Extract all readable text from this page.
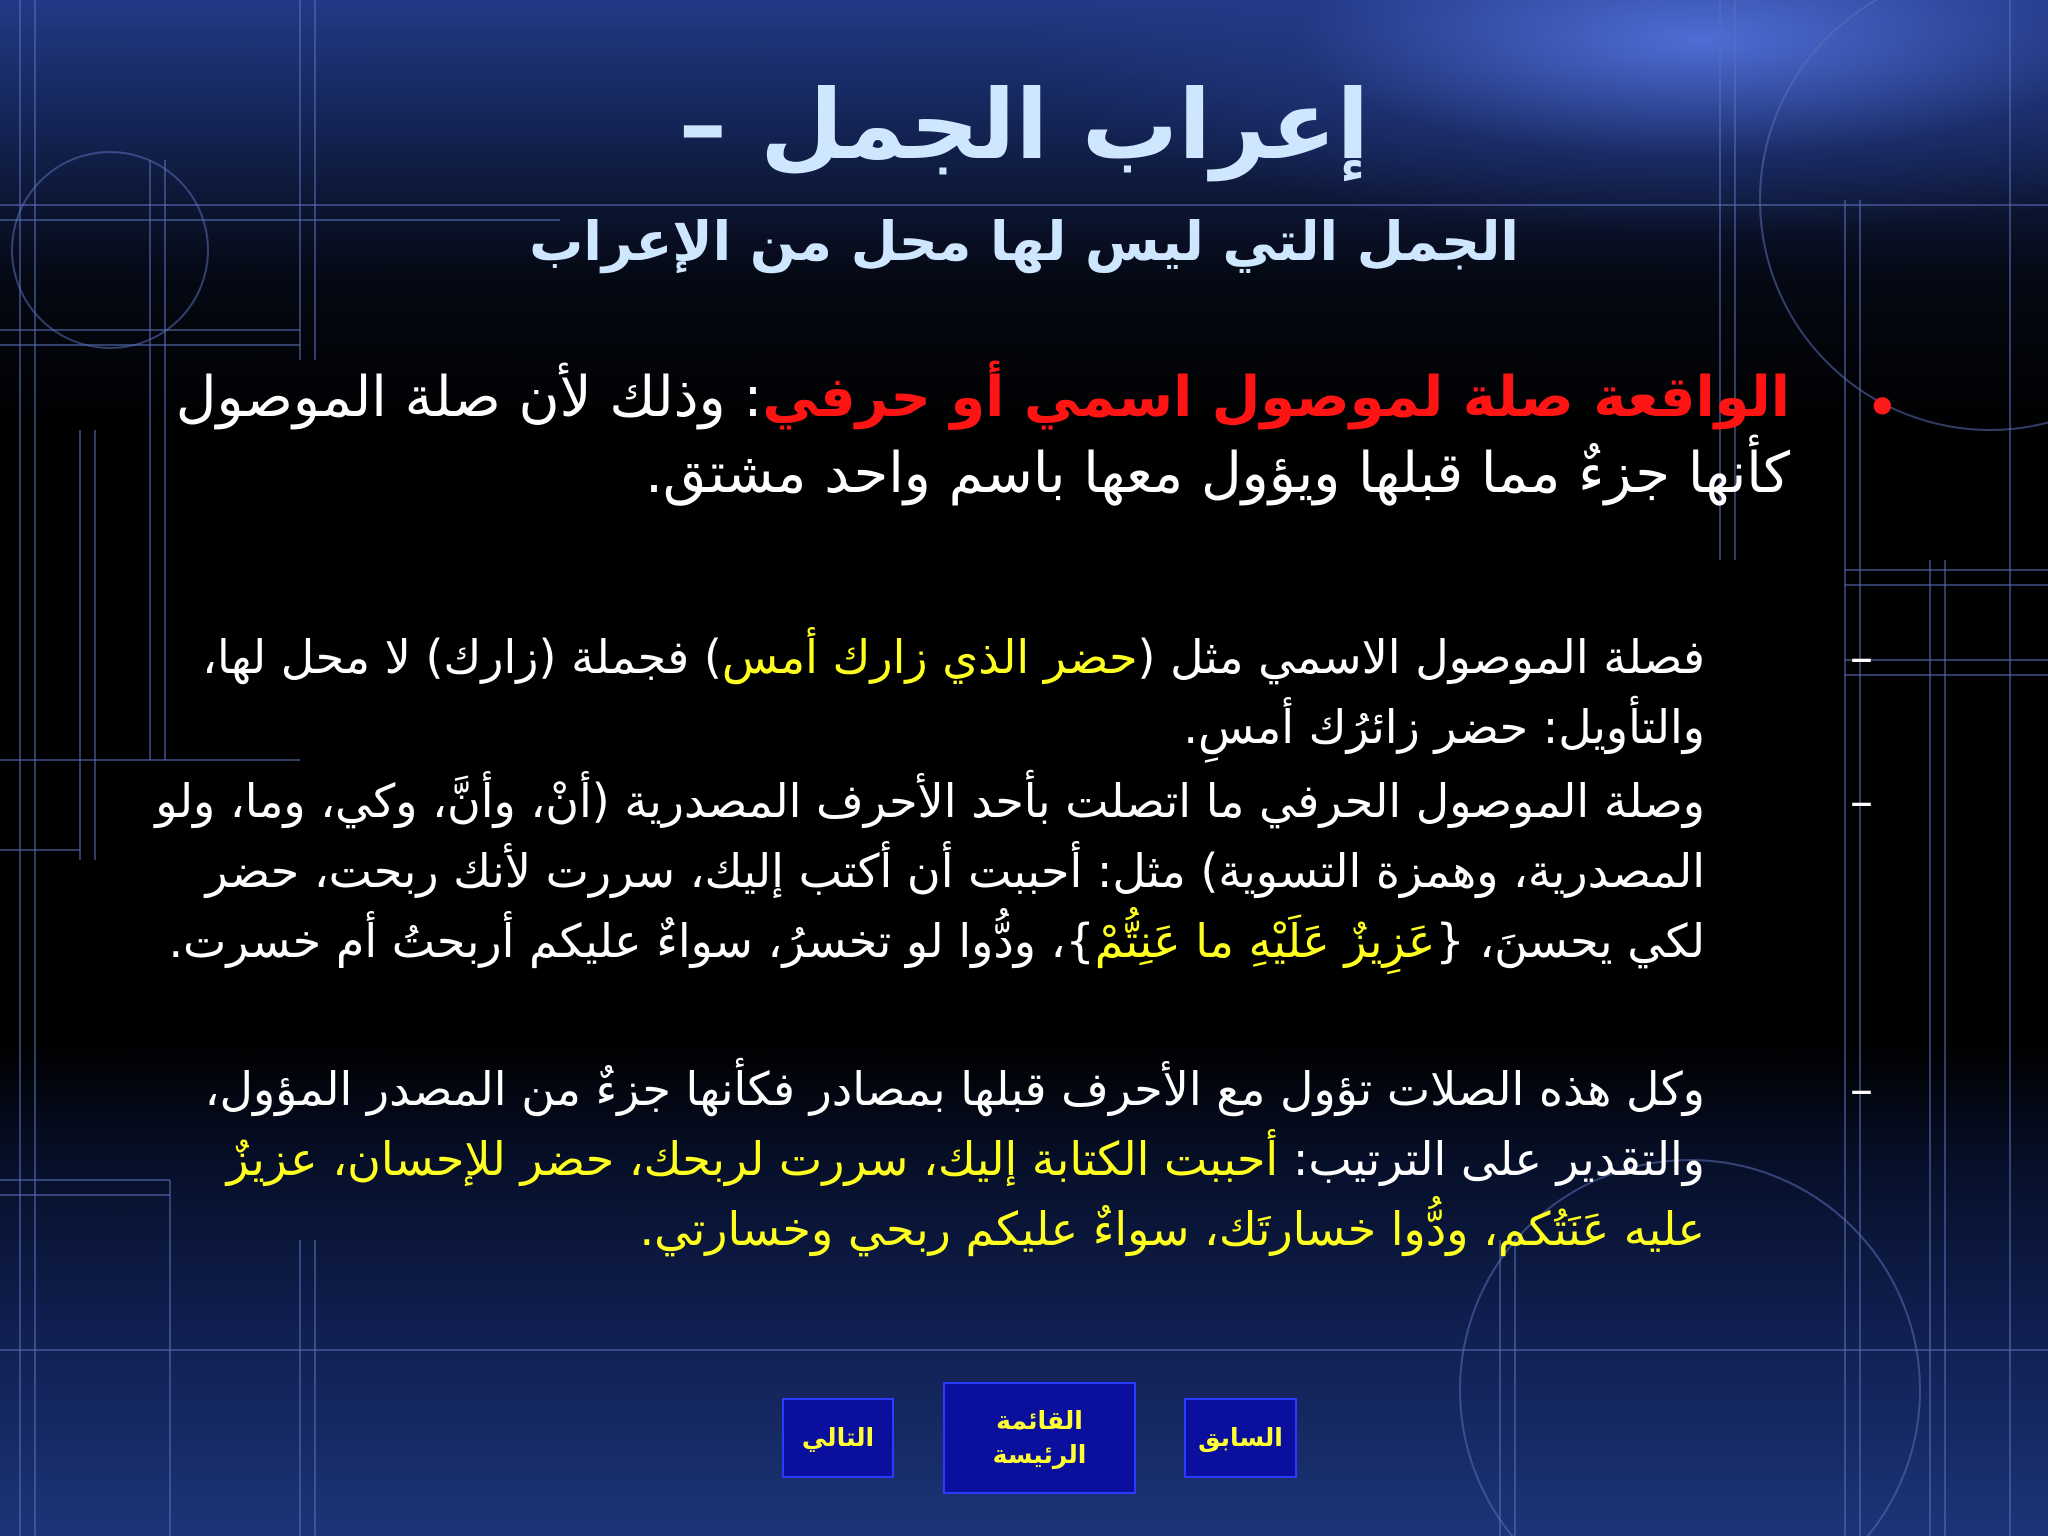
إعراب الجمل –
الجمل التي ليس لها محل من الإعراب
•
الواقعة صلة لموصول اسمي أو حرفي: وذلك لأن صلة الموصول كأنها جزءٌ مما قبلها ويؤول معها باسم واحد مشتق.
–
فصلة الموصول الاسمي مثل (حضر الذي زارك أمس) فجملة (زارك) لا محل لها، والتأويل: حضر زائرُك أمسِ.
–
وصلة الموصول الحرفي ما اتصلت بأحد الأحرف المصدرية (أنْ، وأنَّ، وكي، وما، ولو المصدرية، وهمزة التسوية) مثل: أحببت أن أكتب إليك، سررت لأنك ربحت، حضر لكي يحسنَ، {عَزِيزٌ عَلَيْهِ ما عَنِتُّمْ}، ودُّوا لو تخسرُ، سواءٌ عليكم أربحتُ أم خسرت.
–
وكل هذه الصلات تؤول مع الأحرف قبلها بمصادر فكأنها جزءٌ من المصدر المؤول، والتقدير على الترتيب: أحببت الكتابة إليك، سررت لربحك، حضر للإحسان، عزيزٌ عليه عَنَتُكم، ودُّوا خسارتَك، سواءٌ عليكم ربحي وخسارتي.
التالي
القائمة
الرئيسة
السابق
